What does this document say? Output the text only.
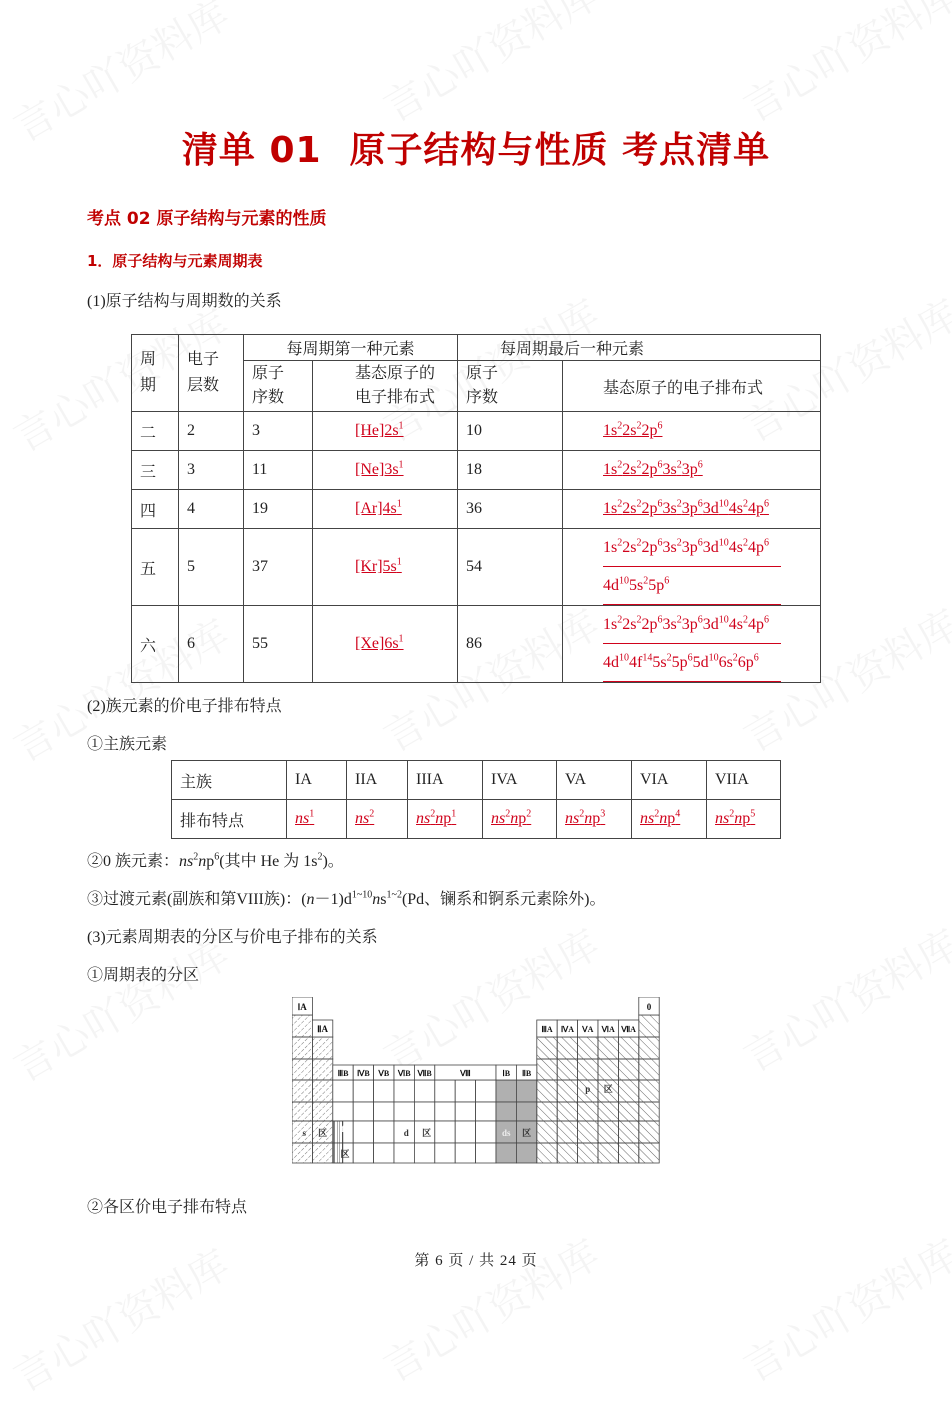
清单 01 原子结构与性质 考点清单
考点 02 原子结构与元素的性质
1．原子结构与元素周期表
(1)原子结构与周期数的关系
周期	电子层数	每周期第一种元素		每周期最后一种元素	
		原子序数	基态原子的电子排布式	原子序数	基态原子的电子排布式
二	2	3	$[He]2s^1$	10	$1s^22s^22p^6$
三	3	11	$[Ne]3s^1$	18	$1s^22s^22p^63s^23p^6$
四	4	19	$[Ar]4s^1$	36	$1s^22s^22p^63s^23p^63d^{10}4s^24p^6$
五	5	37	$[Kr]5s^1$	54	$1s^22s^22p^63s^23p^63d^{10}4s^24p^6$
$4d^{10}5s^25p^6$

六	6	55	$[Xe]6s^1$	86	$1s^22s^22p^63s^23p^63d^{10}4s^24p^6$
$4d^{10}4f^{14}5s^25p^65d^{10}6s^26p^6$
(2)族元素的价电子排布特点
①主族元素
主族	IA	IIA	IIIA	IVA	VA	VIA	VIIA
排布特点	$ns^1$	$ns^2$	$ns^2np^1$	$ns^2np^2$	$ns^2np^3$	$ns^2np^4$	$ns^2np^5$
②0 族元素：$ns^2np^6$(其中 He 为 $1s^2$)。
③过渡元素(副族和第VIII族)：$(n-1)d^{1\sim 10}ns^{1\sim 2}(Pd$、镧系和锕系元素除外)。
(3)元素周期表的分区与价电子排布的关系
①周期表的分区
ⅠA
ⅡA	ⅢA ⅣA ⅤA ⅥA ⅦA
0
ⅢB ⅣB ⅤB ⅥB ⅦB	Ⅷ	ⅠB ⅡB
s 区 f
区
d 区	ds 区
p 区
②各区价电子排布特点
第 6 页 / 共 24 页
